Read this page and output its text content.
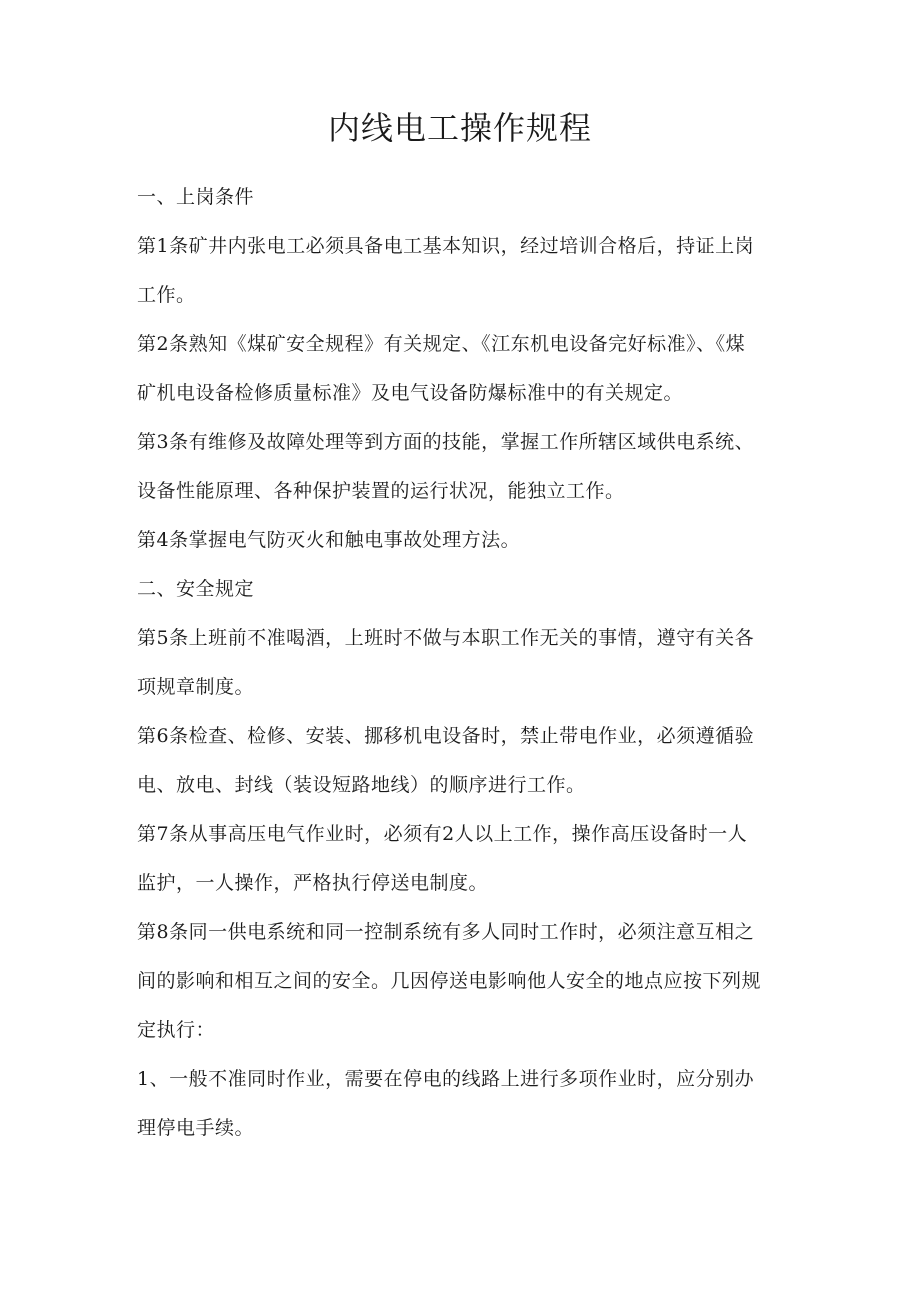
内线电工操作规程
一、上岗条件
第1条矿井内张电工必须具备电工基本知识，经过培训合格后，持证上岗
工作。
第2条熟知《煤矿安全规程》有关规定、《江东机电设备完好标准》、《煤
矿机电设备检修质量标准》及电气设备防爆标准中的有关规定。
第3条有维修及故障处理等到方面的技能，掌握工作所辖区域供电系统、
设备性能原理、各种保护装置的运行状况，能独立工作。
第4条掌握电气防灭火和触电事故处理方法。
二、安全规定
第5条上班前不准喝酒，上班时不做与本职工作无关的事情，遵守有关各
项规章制度。
第6条检查、检修、安装、挪移机电设备时，禁止带电作业，必须遵循验
电、放电、封线（装设短路地线）的顺序进行工作。
第7条从事高压电气作业时，必须有2人以上工作，操作高压设备时一人
监护，一人操作，严格执行停送电制度。
第8条同一供电系统和同一控制系统有多人同时工作时，必须注意互相之
间的影响和相互之间的安全。几因停送电影响他人安全的地点应按下列规
定执行：
1、一般不准同时作业，需要在停电的线路上进行多项作业时，应分别办
理停电手续。
